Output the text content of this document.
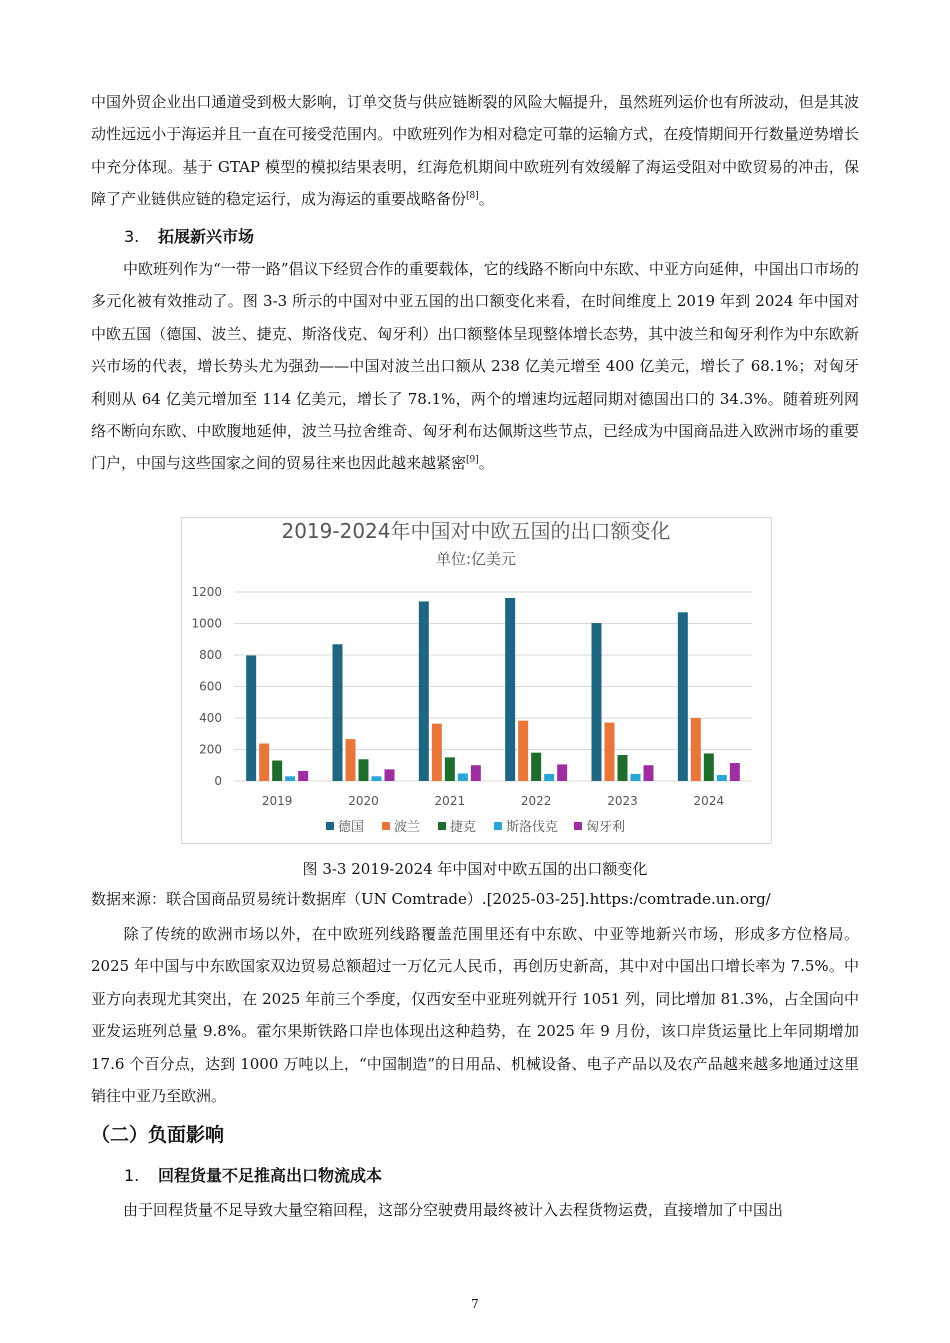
中国外贸企业出口通道受到极大影响，订单交货与供应链断裂的风险大幅提升，虽然班列运价也有所波动，但是其波动性远远小于海运并且一直在可接受范围内。中欧班列作为相对稳定可靠的运输方式，在疫情期间开行数量逆势增长中充分体现。基于 GTAP 模型的模拟结果表明，红海危机期间中欧班列有效缓解了海运受阻对中欧贸易的冲击，保障了产业链供应链的稳定运行，成为海运的重要战略备份[8]。

3. 拓展新兴市场

中欧班列作为“一带一路”倡议下经贸合作的重要载体，它的线路不断向中东欧、中亚方向延伸，中国出口市场的多元化被有效推动了。图 3-3 所示的中国对中亚五国的出口额变化来看，在时间维度上 2019 年到 2024 年中国对中欧五国（德国、波兰、捷克、斯洛伐克、匈牙利）出口额整体呈现整体增长态势，其中波兰和匈牙利作为中东欧新兴市场的代表，增长势头尤为强劲——中国对波兰出口额从 238 亿美元增至 400 亿美元，增长了 68.1%；对匈牙利则从 64 亿美元增加至 114 亿美元，增长了 78.1%，两个的增速均远超同期对德国出口的 34.3%。随着班列网络不断向东欧、中欧腹地延伸，波兰马拉舍维奇、匈牙利布达佩斯这些节点，已经成为中国商品进入欧洲市场的重要门户，中国与这些国家之间的贸易往来也因此越来越紧密[9]。

2019-2024年中国对中欧五国的出口额变化
单位:亿美元
0
200
400
600
800
1000
1200
2019	2020	2021	2022	2023	2024
德国 波兰 捷克 斯洛伐克 匈牙利
图 3-3 2019-2024 年中国对中欧五国的出口额变化
数据来源：联合国商品贸易统计数据库（UN Comtrade）.[2025-03-25].https:/comtrade.un.org/

除了传统的欧洲市场以外，在中欧班列线路覆盖范围里还有中东欧、中亚等地新兴市场，形成多方位格局。2025 年中国与中东欧国家双边贸易总额超过一万亿元人民币，再创历史新高，其中对中国出口增长率为 7.5%。中亚方向表现尤其突出，在 2025 年前三个季度，仅西安至中亚班列就开行 1051 列，同比增加 81.3%，占全国向中亚发运班列总量 9.8%。霍尔果斯铁路口岸也体现出这种趋势，在 2025 年 9 月份，该口岸货运量比上年同期增加 17.6 个百分点，达到 1000 万吨以上，“中国制造”的日用品、机械设备、电子产品以及农产品越来越多地通过这里销往中亚乃至欧洲。

（二）负面影响
1. 回程货量不足推高出口物流成本

由于回程货量不足导致大量空箱回程，这部分空驶费用最终被计入去程货物运费，直接增加了中国出

7
